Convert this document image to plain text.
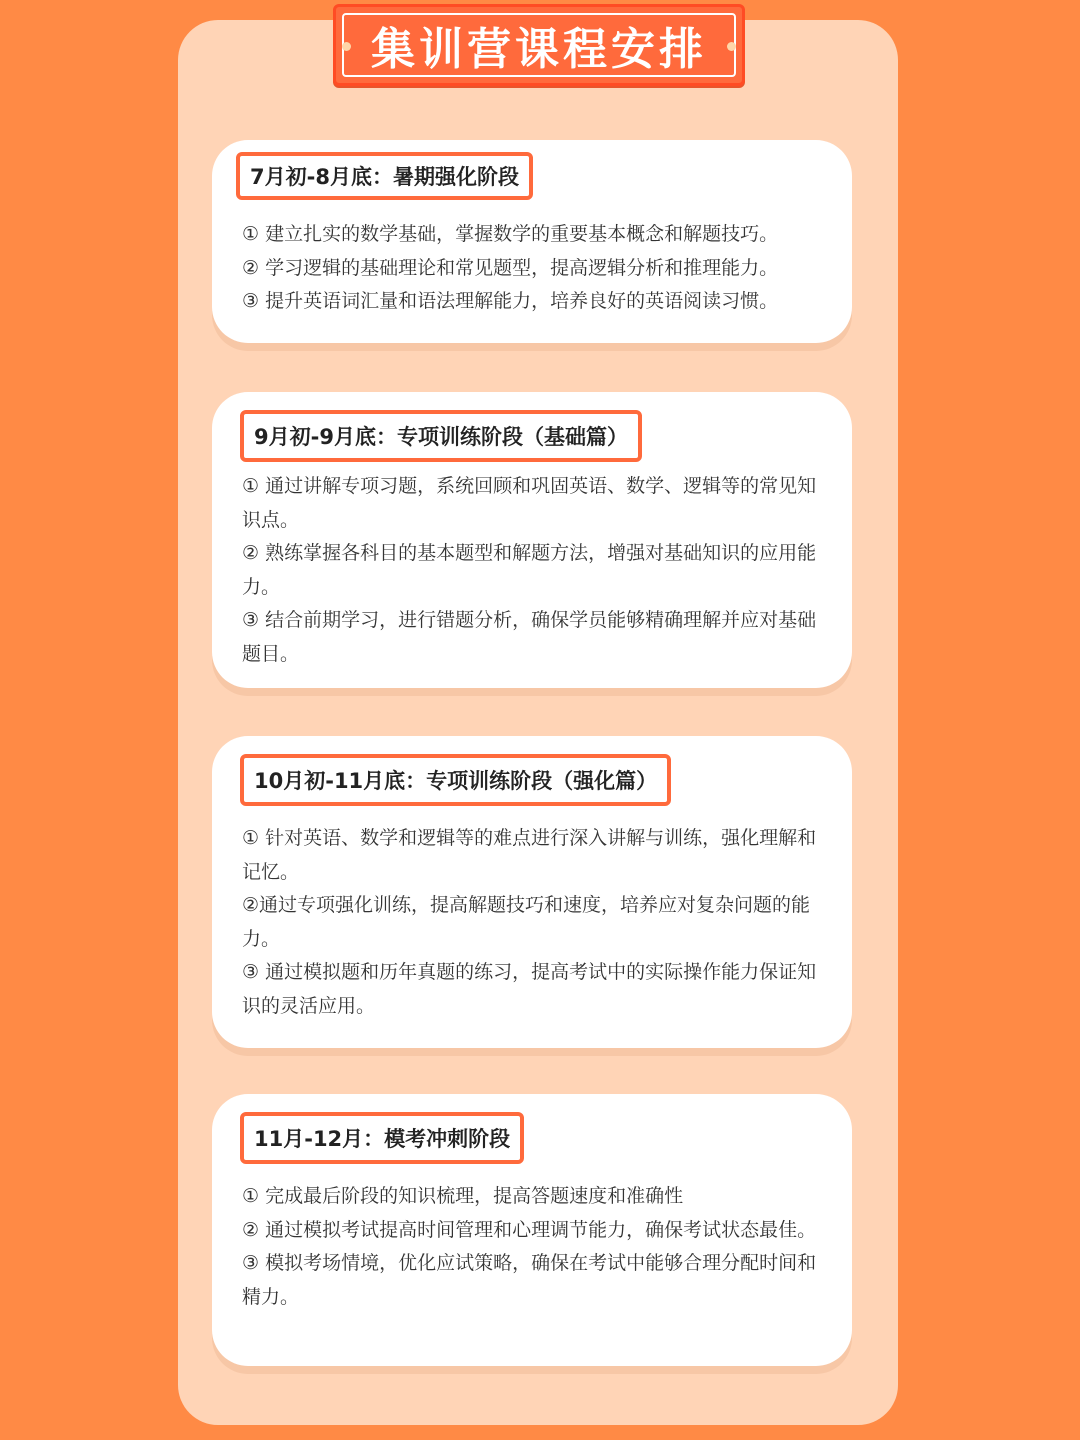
集训营课程安排
7月初-8月底：暑期强化阶段

① 建立扎实的数学基础，掌握数学的重要基本概念和解题技巧。

② 学习逻辑的基础理论和常见题型，提高逻辑分析和推理能力。

③ 提升英语词汇量和语法理解能力，培养良好的英语阅读习惯。

9月初-9月底：专项训练阶段（基础篇）

① 通过讲解专项习题，系统回顾和巩固英语、数学、逻辑等的常见知识点。

② 熟练掌握各科目的基本题型和解题方法，增强对基础知识的应用能力。

③ 结合前期学习，进行错题分析，确保学员能够精确理解并应对基础题目。

10月初-11月底：专项训练阶段（强化篇）

① 针对英语、数学和逻辑等的难点进行深入讲解与训练，强化理解和记忆。

②通过专项强化训练，提高解题技巧和速度，培养应对复杂问题的能力。

③ 通过模拟题和历年真题的练习，提高考试中的实际操作能力保证知识的灵活应用。

11月-12月：模考冲刺阶段

① 完成最后阶段的知识梳理，提高答题速度和准确性

② 通过模拟考试提高时间管理和心理调节能力，确保考试状态最佳。

③ 模拟考场情境，优化应试策略，确保在考试中能够合理分配时间和精力。
